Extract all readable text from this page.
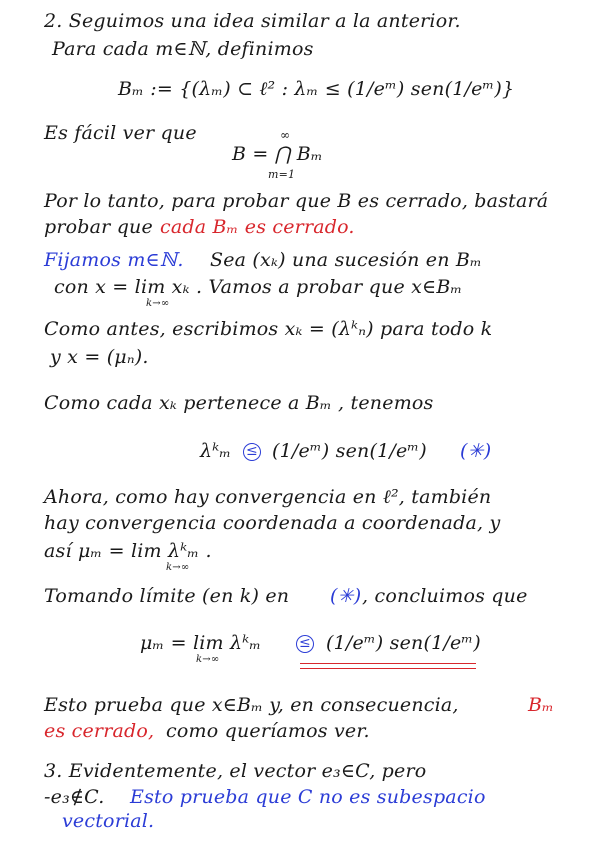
2. Seguimos una idea similar a la anterior.
Para cada m∈ℕ, definimos
Bₘ := {(λₘ) ⊂ ℓ² : λₘ ≤ (1/eᵐ) sen(1/eᵐ)}
Es fácil ver que	∞
B = ⋂ Bₘ
m=1
Por lo tanto, para probar que B es cerrado, bastará
probar que cada Bₘ es cerrado.
Fijamos m∈ℕ. Sea (xₖ) una sucesión en Bₘ
con x = lim xₖ . Vamos a probar que x∈Bₘ
k→∞
Como antes, escribimos xₖ = (λᵏₙ) para todo k
y x = (μₙ).
Como cada xₖ pertenece a Bₘ , tenemos
λᵏₘ ≤ (1/eᵐ) sen(1/eᵐ) (✳)
Ahora, como hay convergencia en ℓ², también
hay convergencia coordenada a coordenada, y
así μₘ = lim λᵏₘ .
k→∞
Tomando límite (en k) en (✳) , concluimos que
μₘ = lim λᵏₘ
k→∞
≤ (1/eᵐ) sen(1/eᵐ)
Esto prueba que x∈Bₘ y, en consecuencia,	Bₘ
es cerrado, como queríamos ver.
3. Evidentemente, el vector e₃∈C, pero
-e₃∉C. Esto prueba que C no es subespacio
vectorial.
